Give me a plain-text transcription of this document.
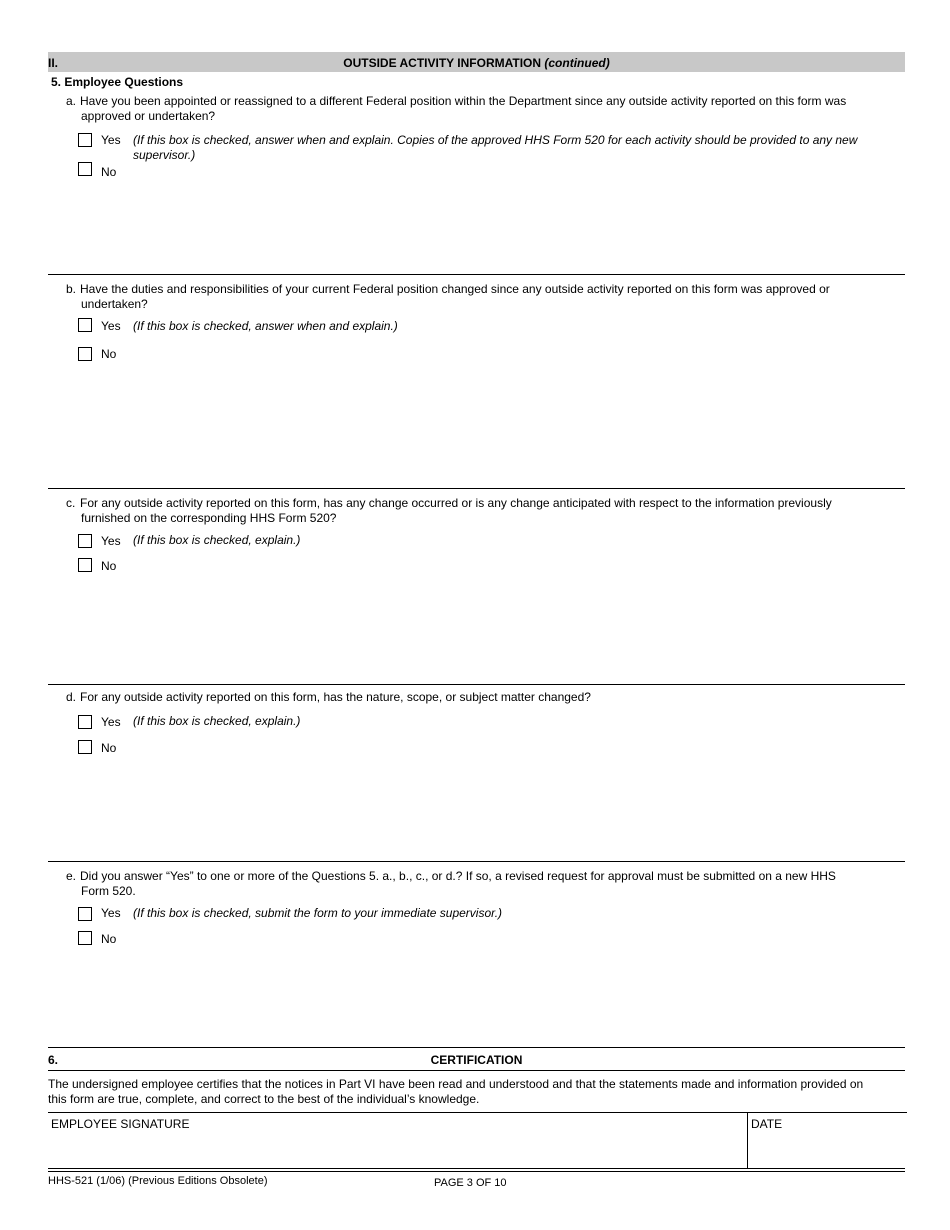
II.	OUTSIDE ACTIVITY INFORMATION (continued)
5. Employee Questions
a. Have you been appointed or reassigned to a different Federal position within the Department since any outside activity reported on this form was
approved or undertaken?
Yes (If this box is checked, answer when and explain. Copies of the approved HHS Form 520 for each activity should be provided to any new
supervisor.)
No
b. Have the duties and responsibilities of your current Federal position changed since any outside activity reported on this form was approved or
undertaken?
Yes (If this box is checked, answer when and explain.)
No
c. For any outside activity reported on this form, has any change occurred or is any change anticipated with respect to the information previously
furnished on the corresponding HHS Form 520?
Yes (If this box is checked, explain.)
No
d. For any outside activity reported on this form, has the nature, scope, or subject matter changed?
Yes (If this box is checked, explain.)
No
e. Did you answer “Yes” to one or more of the Questions 5. a., b., c., or d.? If so, a revised request for approval must be submitted on a new HHS
Form 520.
Yes (If this box is checked, submit the form to your immediate supervisor.)
No
6.	CERTIFICATION
The undersigned employee certifies that the notices in Part VI have been read and understood and that the statements made and information provided on
this form are true, complete, and correct to the best of the individual’s knowledge.
EMPLOYEE SIGNATURE	DATE
HHS-521 (1/06) (Previous Editions Obsolete)	PAGE 3 OF 10
